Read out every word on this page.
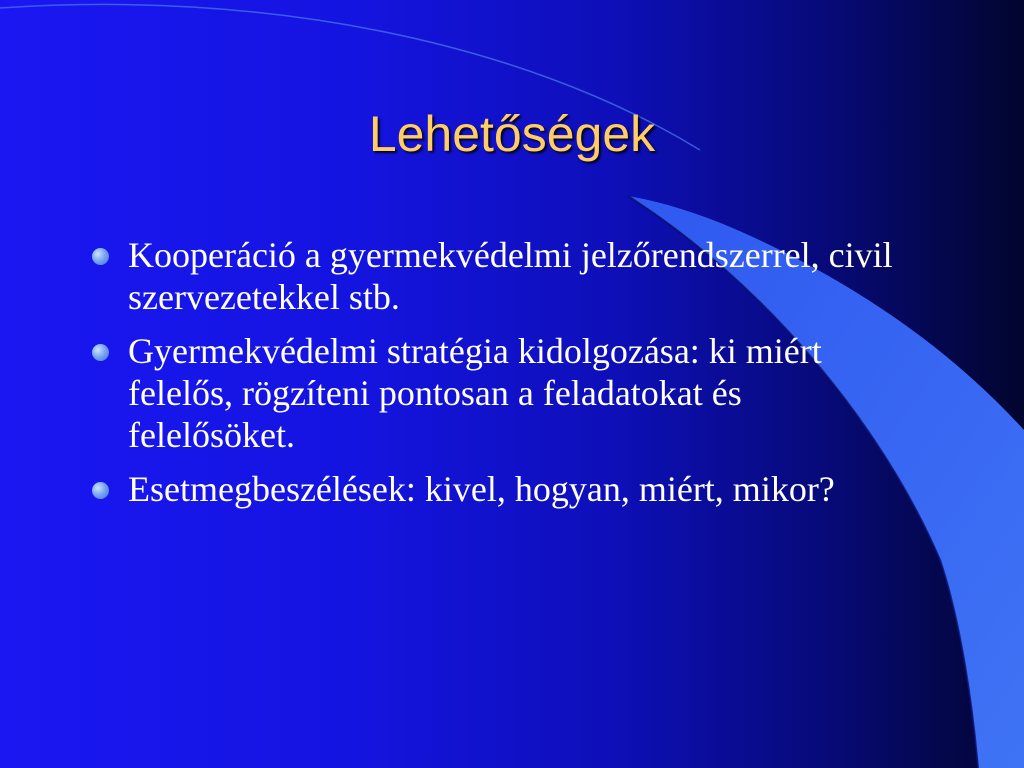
Lehetőségek
Kooperáció a gyermekvédelmi jelzőrendszerrel, civil szervezetekkel stb.
Gyermekvédelmi stratégia kidolgozása: ki miért felelős, rögzíteni pontosan a feladatokat és felelősöket.
Esetmegbeszélések: kivel, hogyan, miért, mikor?
